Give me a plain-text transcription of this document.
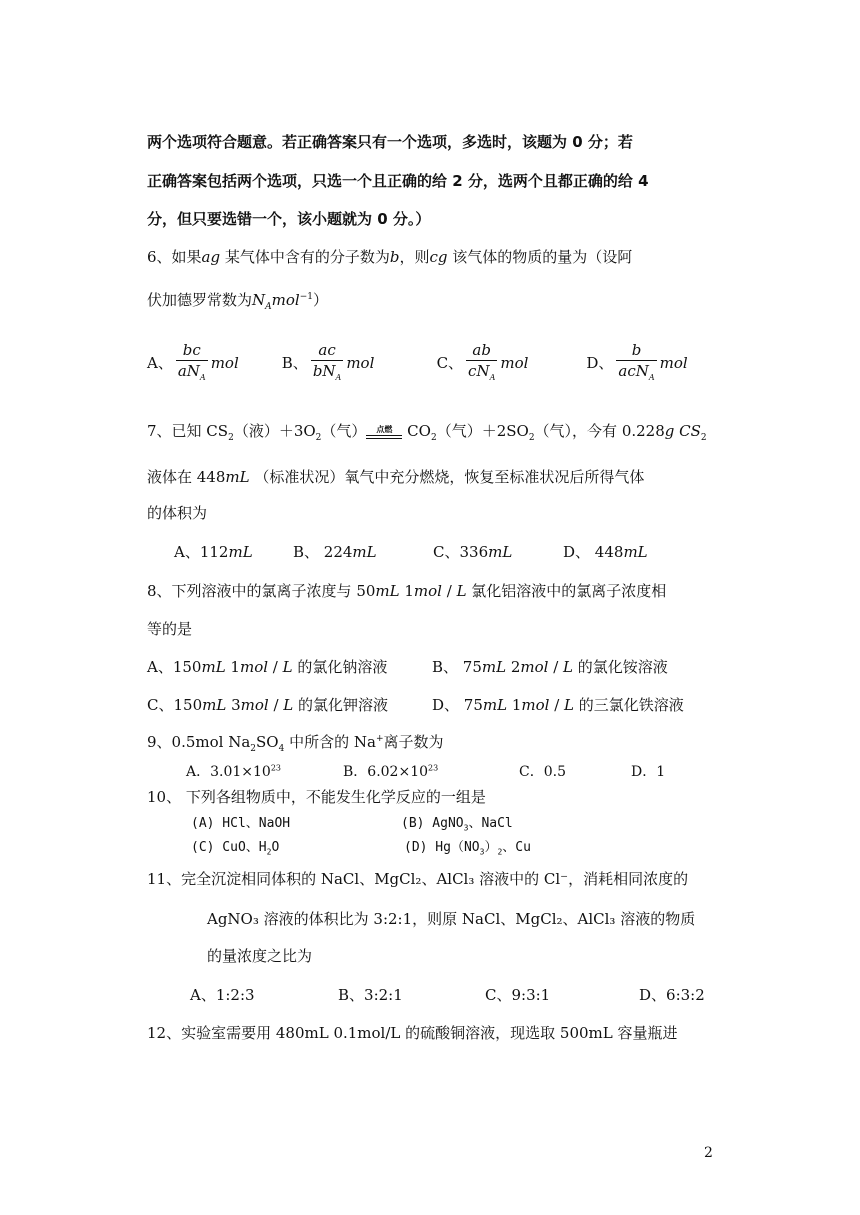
两个选项符合题意。若正确答案只有一个选项，多选时，该题为 0 分；若
正确答案包括两个选项，只选一个且正确的给 2 分，选两个且都正确的给 4
分，但只要选错一个，该小题就为 0 分。）
6、如果ag 某气体中含有的分子数为b，则cg 该气体的物质的量为（设阿
伏加德罗常数为$N_Amol^{-1}$）
A、 $\frac{bc}{aN_A}$ mol	B、 $\frac{ac}{bN_A}$ mol	C、 $\frac{ab}{cN_A}$ mol	D、 $\frac{b}{acN_A}$ mol
7、已知 $CS_2$（液）$+3O_2$（气）	点燃 $CO_2$（气）$+2SO_2$（气），今有 0.228g $CS_2$
液体在 448mL （标准状况）氧气中充分燃烧，恢复至标准状况后所得气体
的体积为
A、112mL	B、 224mL	C、336mL	D、 448mL
8、下列溶液中的氯离子浓度与 50mL 1mol / L 氯化铝溶液中的氯离子浓度相
等的是
A、150mL 1mol / L 的氯化钠溶液	B、 75mL 2mol / L 的氯化铵溶液
C、150mL 3mol / L 的氯化钾溶液	D、 75mL 1mol / L 的三氯化铁溶液
9、0.5mol $Na_2SO_4$ 中所含的 Na+离子数为
A．$3.01\times 10^{23}$	B．$6.02\times 10^{23}$	C．0.5	D．1
10、 下列各组物质中，不能发生化学反应的一组是
(A) HCl、NaOH	(B) AgNO$_3$、NaCl
(C) CuO、$H_2O$	(D) $Hg(NO_3)_2$、Cu
11、完全沉淀相同体积的 NaCl、MgCl₂、AlCl₃ 溶液中的 Cl⁻，消耗相同浓度的
AgNO₃ 溶液的体积比为 3:2:1，则原 NaCl、MgCl₂、AlCl₃ 溶液的物质
的量浓度之比为
A、1:2:3	B、3:2:1	C、9:3:1	D、6:3:2
12、实验室需要用 480mL 0.1mol/L 的硫酸铜溶液，现选取 500mL 容量瓶进
2
